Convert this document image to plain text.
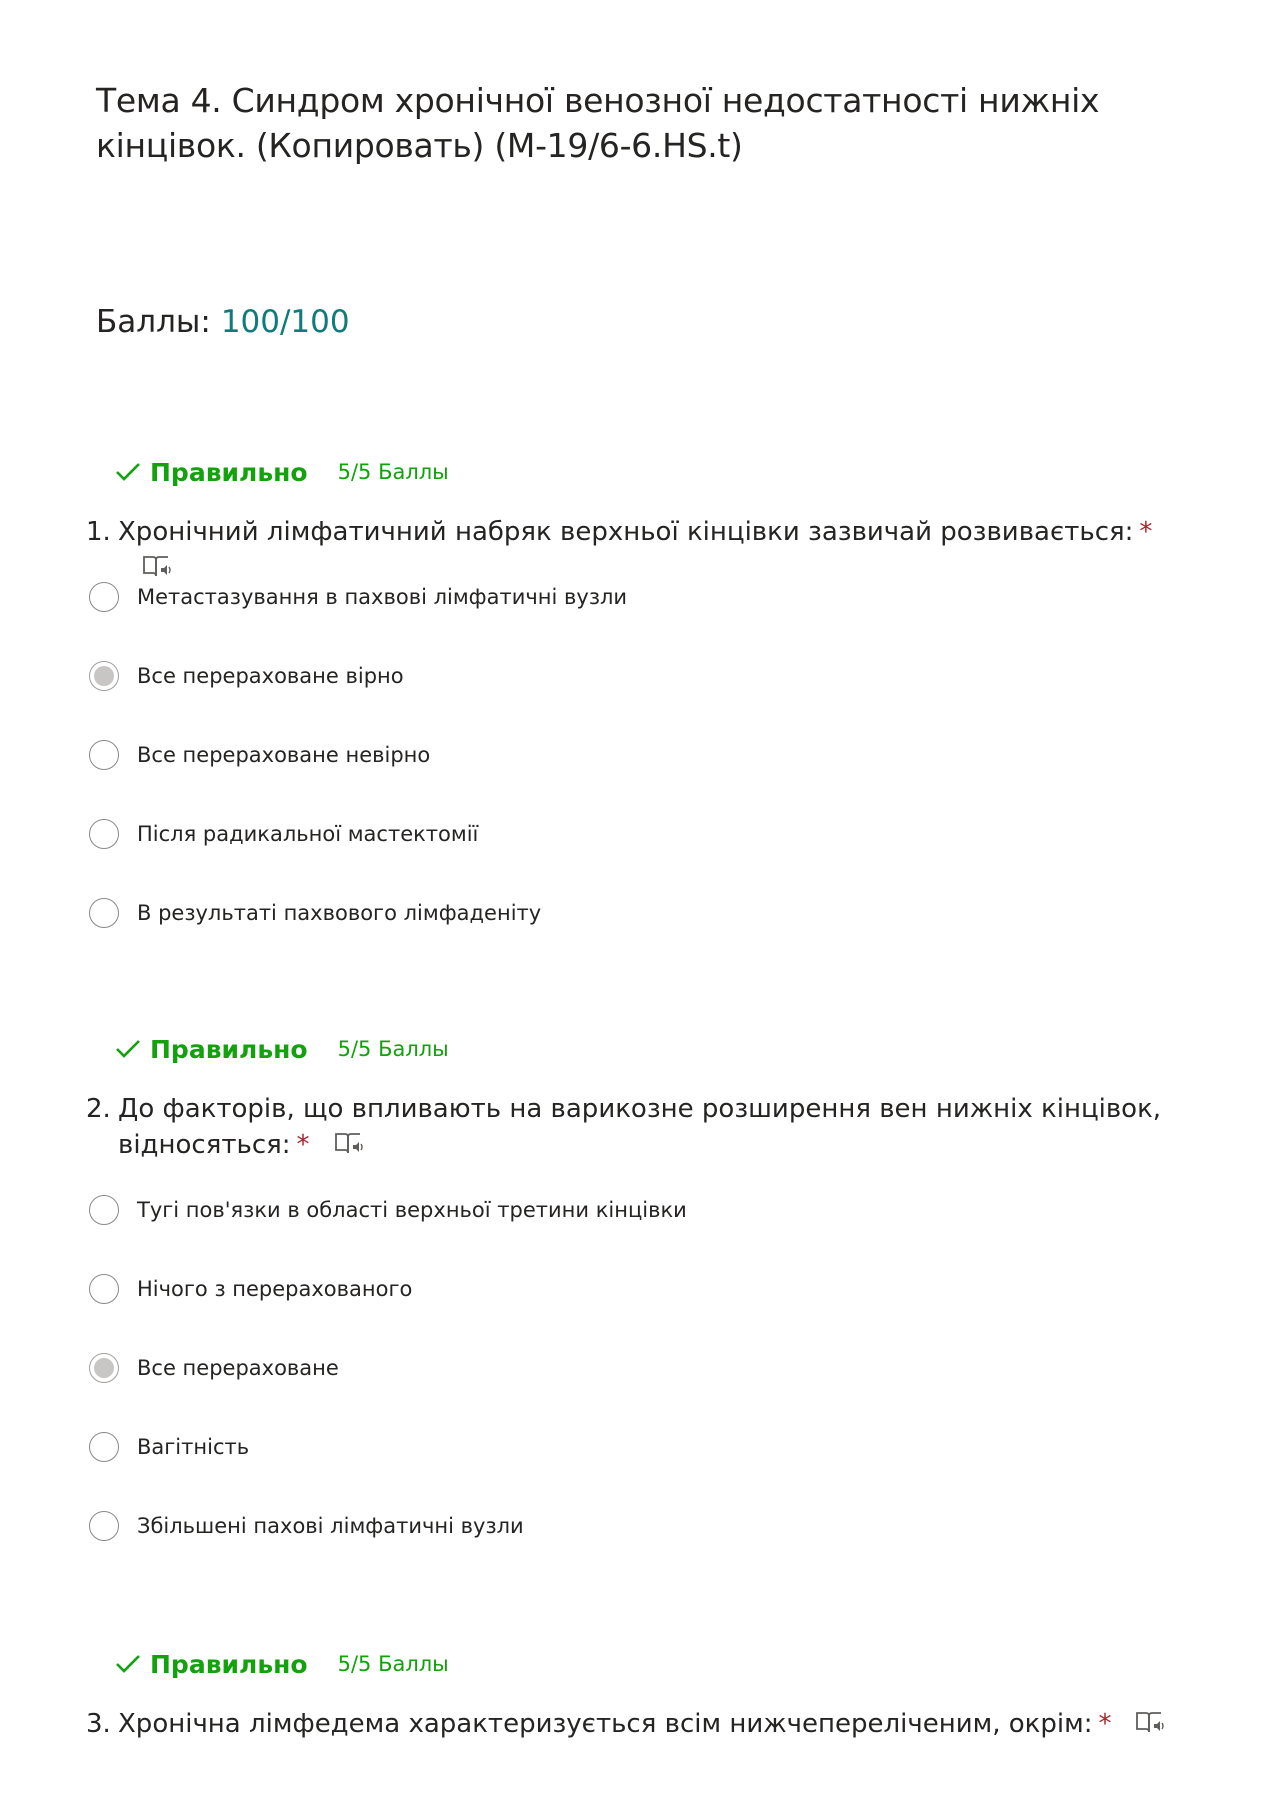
Тема 4. Синдром хронічної венозної недостатності нижніх кінцівок. (Копировать) (М-19/6-6.HS.t)
Баллы: 100/100
Правильно 5/5 Баллы
1. Хронічний лімфатичний набряк верхньої кінцівки зазвичай розвивається: *
Метастазування в пахвові лімфатичні вузли
Все перераховане вірно
Все перераховане невірно
Після радикальної мастектомії
В результаті пахвового лімфаденіту
Правильно 5/5 Баллы
2. До факторів, що впливають на варикозне розширення вен нижніх кінцівок, відносяться: *
Тугі пов'язки в області верхньої третини кінцівки
Нічого з перерахованого
Все перераховане
Вагітність
Збільшені пахові лімфатичні вузли
Правильно 5/5 Баллы
3. Хронічна лімфедема характеризується всім нижчепереліченим, окрім: *
